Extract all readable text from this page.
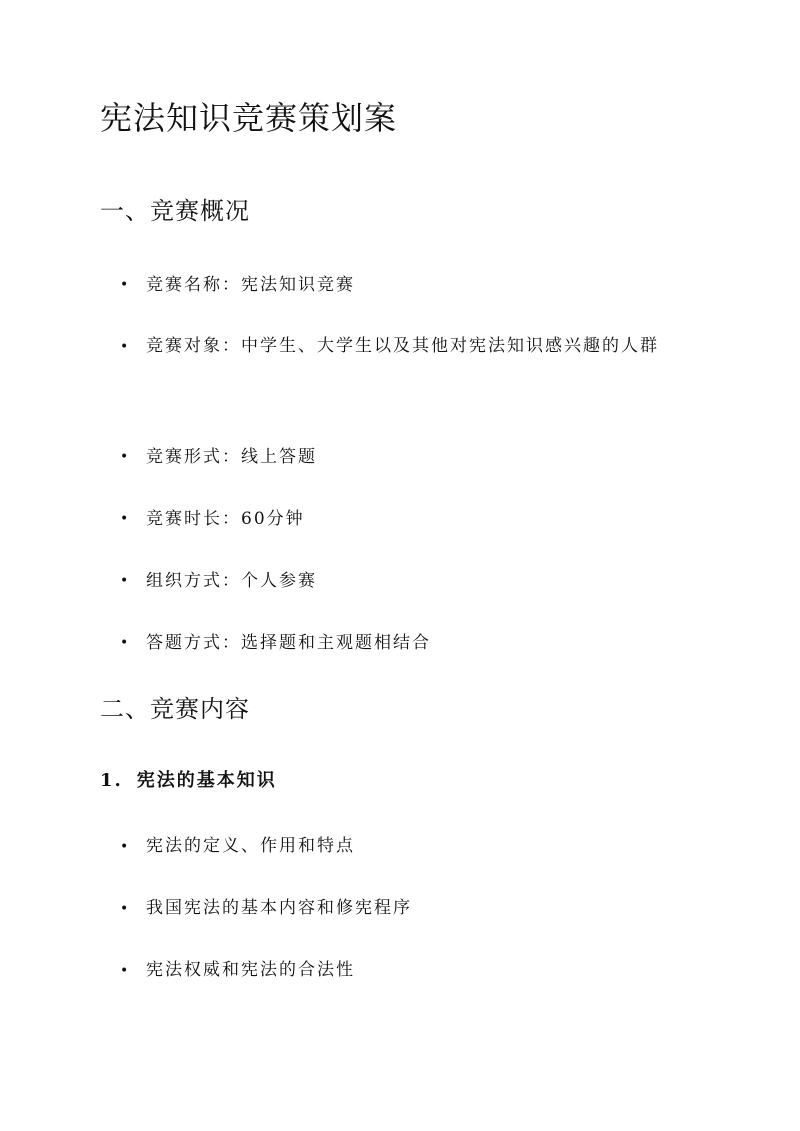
宪法知识竞赛策划案
一、竞赛概况
• 竞赛名称：宪法知识竞赛

• 竞赛对象：中学生、大学生以及其他对宪法知识感兴趣的人群

• 竞赛形式：线上答题

• 竞赛时长：60分钟

• 组织方式：个人参赛

• 答题方式：选择题和主观题相结合

二、竞赛内容
1. 宪法的基本知识
• 宪法的定义、作用和特点

• 我国宪法的基本内容和修宪程序

• 宪法权威和宪法的合法性
